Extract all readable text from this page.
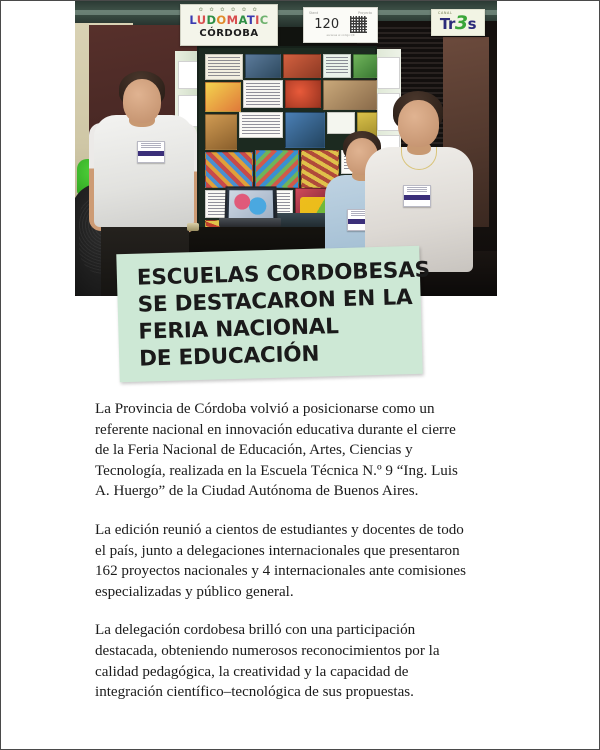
✿ ✿ ✿ ✿ ✿ ✿
LUDOMATIC
CÓRDOBA
Stand	Proyecto
120
escanea el codigo QR
CANAL
Tr3s
ESCUELAS CORDOBESAS
SE DESTACARON EN LA
FERIA NACIONAL
DE EDUCACIÓN

La Provincia de Córdoba volvió a posicionarse como un referente nacional en innovación educativa durante el cierre de la Feria Nacional de Educación, Artes, Ciencias y Tecnología, realizada en la Escuela Técnica N.º 9 “Ing. Luis A. Huergo” de la Ciudad Autónoma de Buenos Aires.

La edición reunió a cientos de estudiantes y docentes de todo el país, junto a delegaciones internacionales que presentaron 162 proyectos nacionales y 4 internacionales ante comisiones especializadas y público general.

La delegación cordobesa brilló con una participación destacada, obteniendo numerosos reconocimientos por la calidad pedagógica, la creatividad y la capacidad de integración científico–tecnológica de sus propuestas.
